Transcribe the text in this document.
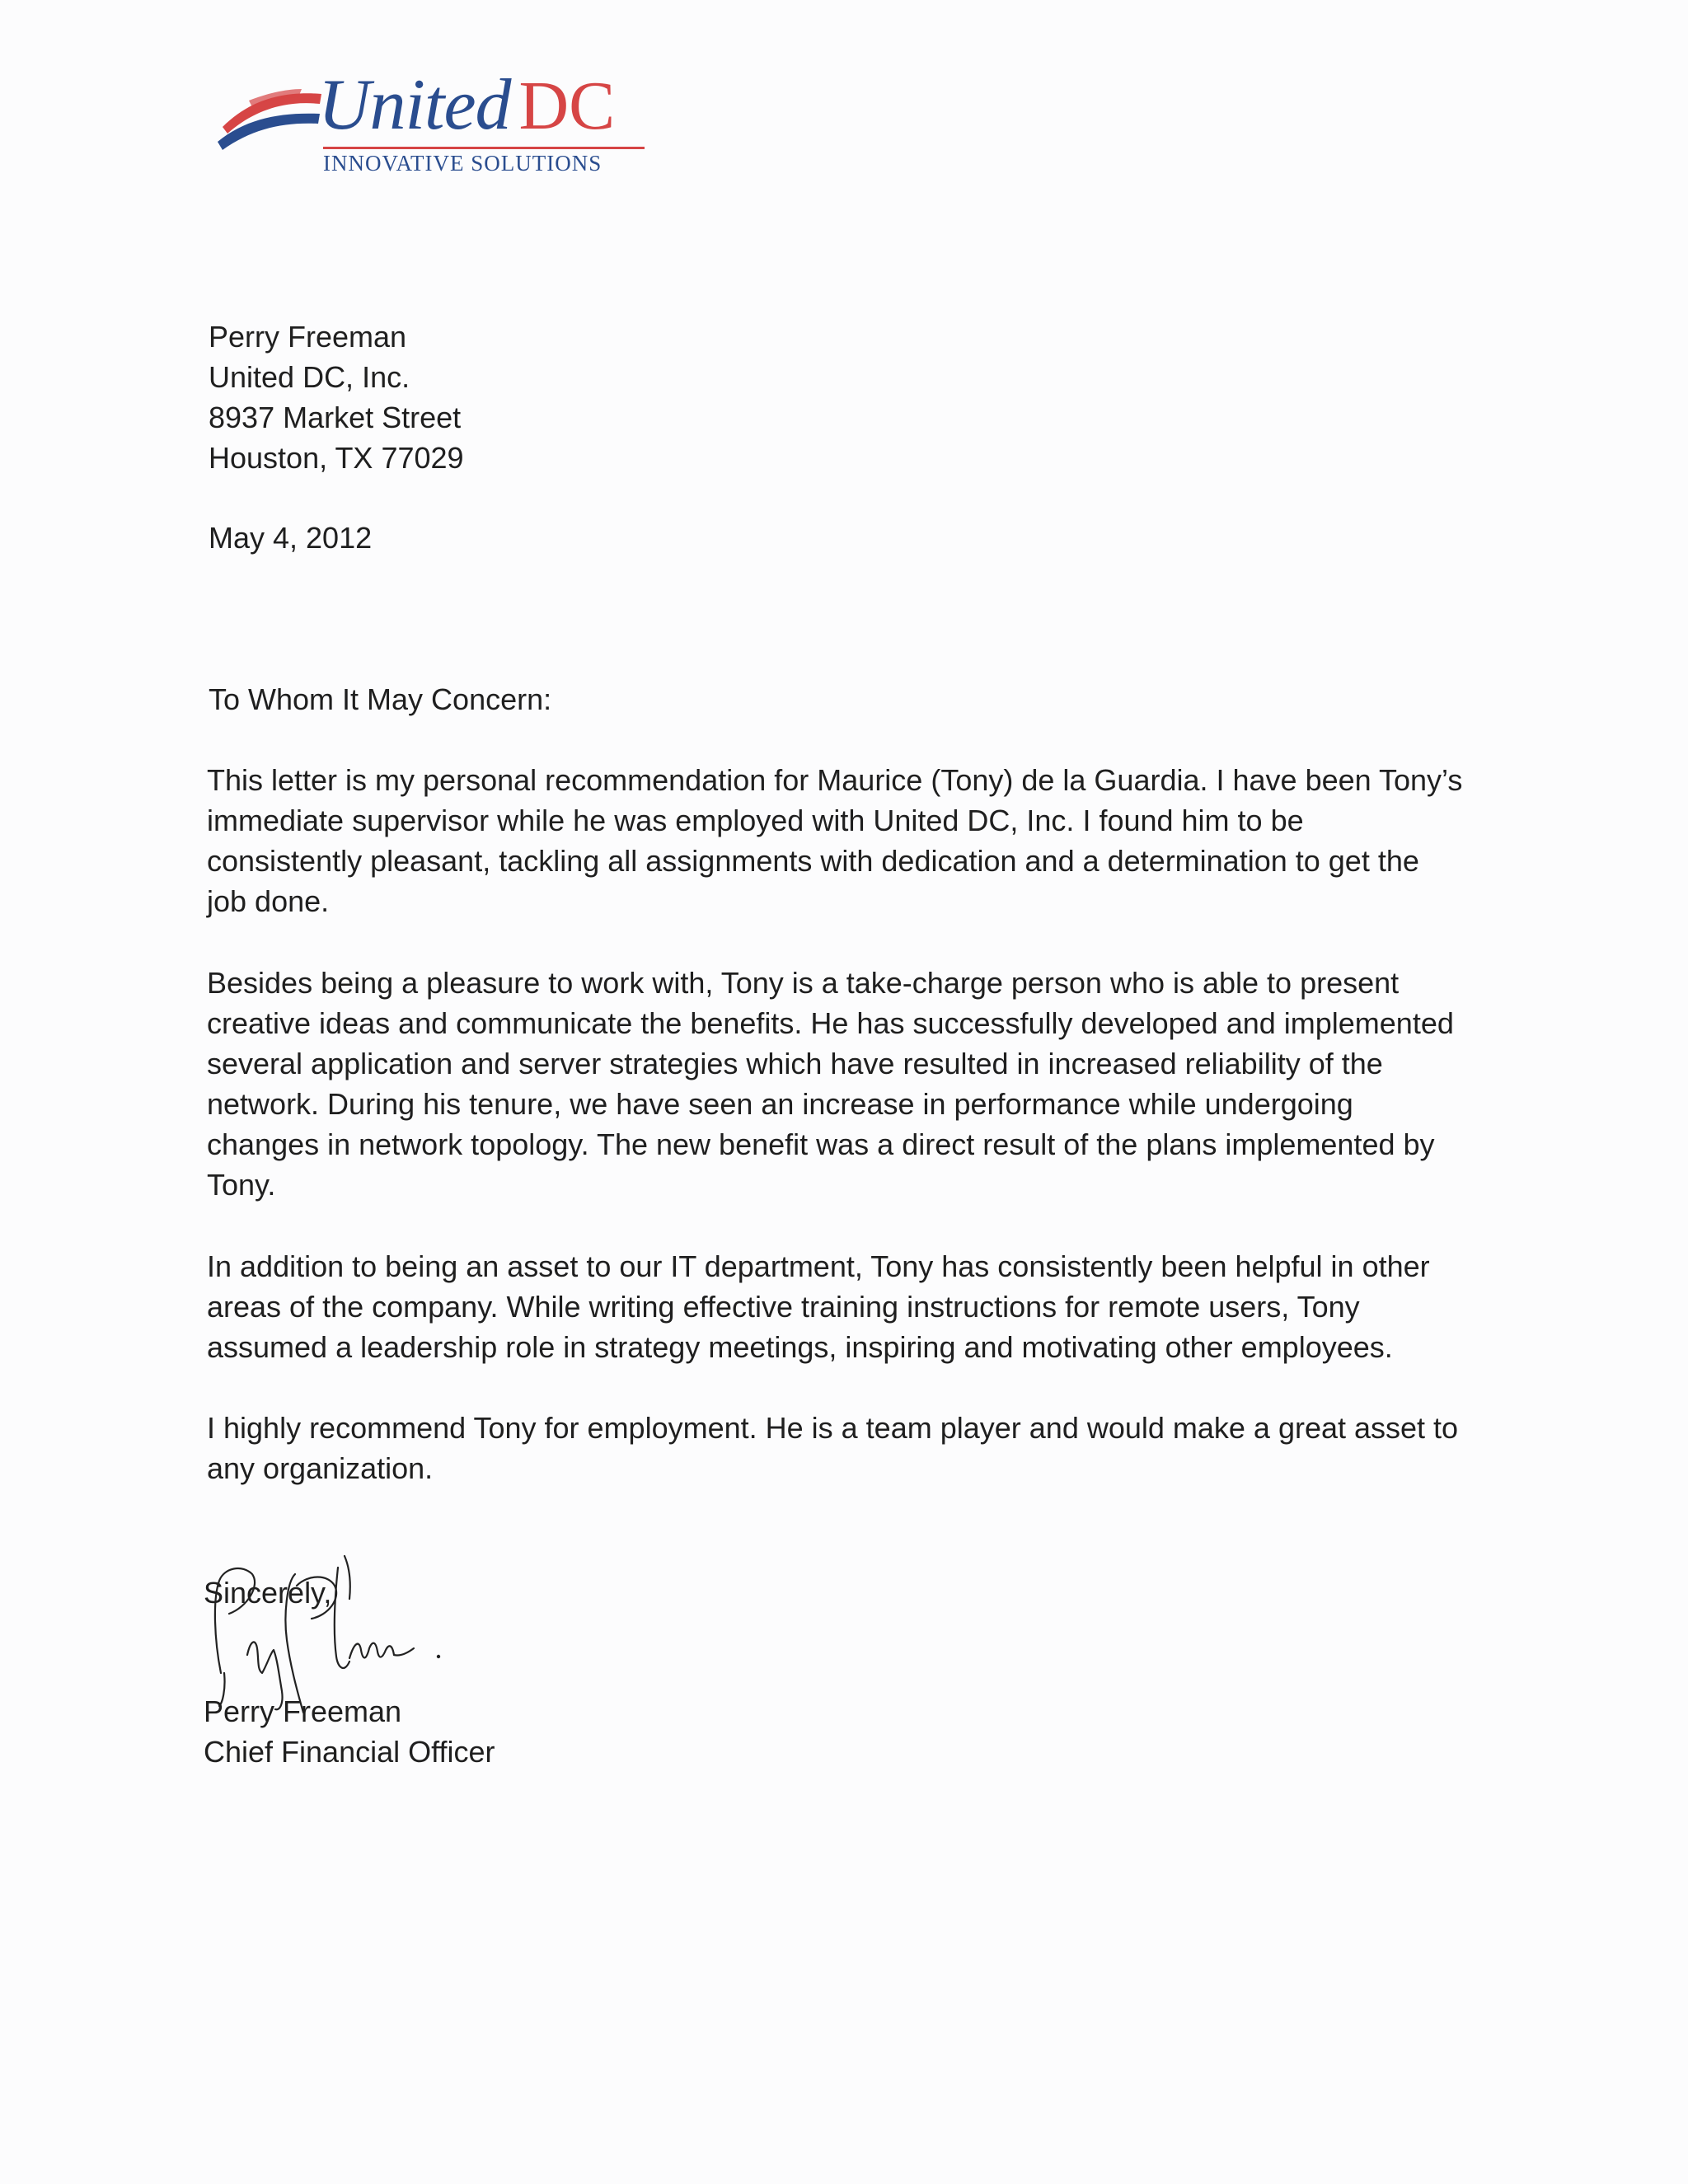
United DC
INNOVATIVE SOLUTIONS
Perry Freeman
United DC, Inc.
8937 Market Street
Houston, TX 77029
May 4, 2012
To Whom It May Concern:
This letter is my personal recommendation for Maurice (Tony) de la Guardia. I have been Tony’s
immediate supervisor while he was employed with United DC, Inc. I found him to be
consistently pleasant, tackling all assignments with dedication and a determination to get the
job done.
Besides being a pleasure to work with, Tony is a take-charge person who is able to present
creative ideas and communicate the benefits. He has successfully developed and implemented
several application and server strategies which have resulted in increased reliability of the
network. During his tenure, we have seen an increase in performance while undergoing
changes in network topology. The new benefit was a direct result of the plans implemented by
Tony.
In addition to being an asset to our IT department, Tony has consistently been helpful in other
areas of the company. While writing effective training instructions for remote users, Tony
assumed a leadership role in strategy meetings, inspiring and motivating other employees.
I highly recommend Tony for employment. He is a team player and would make a great asset to
any organization.
Sincerely,
Perry Freeman
Chief Financial Officer
